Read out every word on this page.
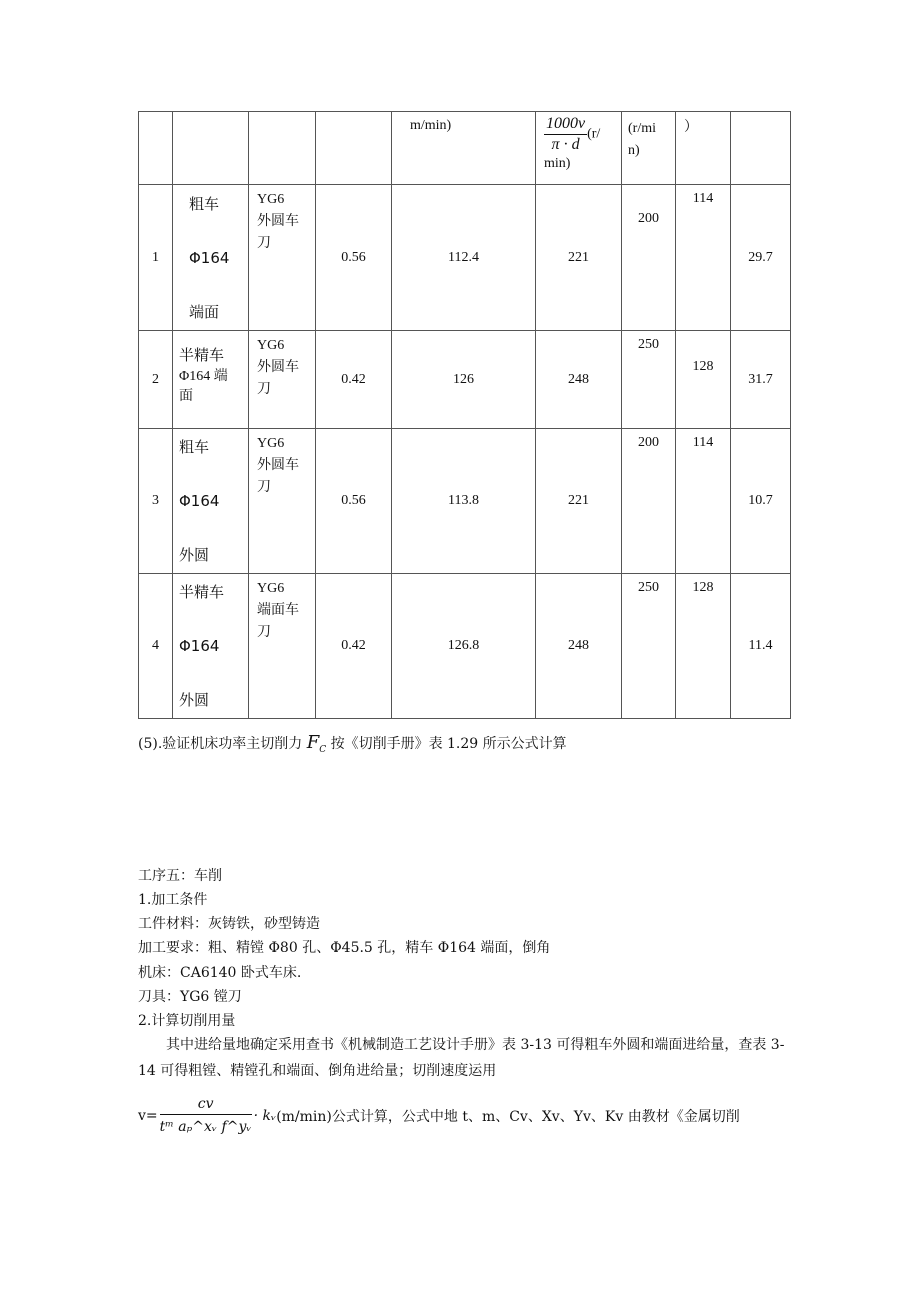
				m/min)	$\frac{1000v}{\pi \cdot d} (r/$
min)	(r/mi
n)	）	

1	粗车
Φ164
端面	YG6
外圆车
刀	0.56	112.4	221	200	114	29.7
2	半精车
Φ164 端
面	YG6
外圆车
刀	0.42	126	248	250	128	31.7
3	粗车
Φ164
外圆	YG6
外圆车
刀	0.56	113.8	221	200	114	10.7
4	半精车
Φ164
外圆	YG6
端面车
刀	0.42	126.8	248	250	128	11.4
(5).验证机床功率主切削力 $F_C$ 按《切削手册》表 1.29 所示公式计算
工序五：车削
1.加工条件
工件材料：灰铸铁，砂型铸造
加工要求：粗、精镗 Φ80 孔、Φ45.5 孔，精车 Φ164 端面，倒角
机床：CA6140 卧式车床.
刀具：YG6 镗刀
2.计算切削用量
其中进给量地确定采用查书《机械制造工艺设计手册》表 3-13 可得粗车外圆和端面进给量，查表 3-14 可得粗镗、精镗孔和端面、倒角进给量；切削速度运用
$v= \frac{cv}{\text{tᵐ aₚ\textasciicircum{}xᵥ f\textasciicircum{}yᵥ}}$ · kᵥ (m/min)公式计算，公式中地 t、m、Cv、Xv、Yv、Kv 由教材《金属切削
